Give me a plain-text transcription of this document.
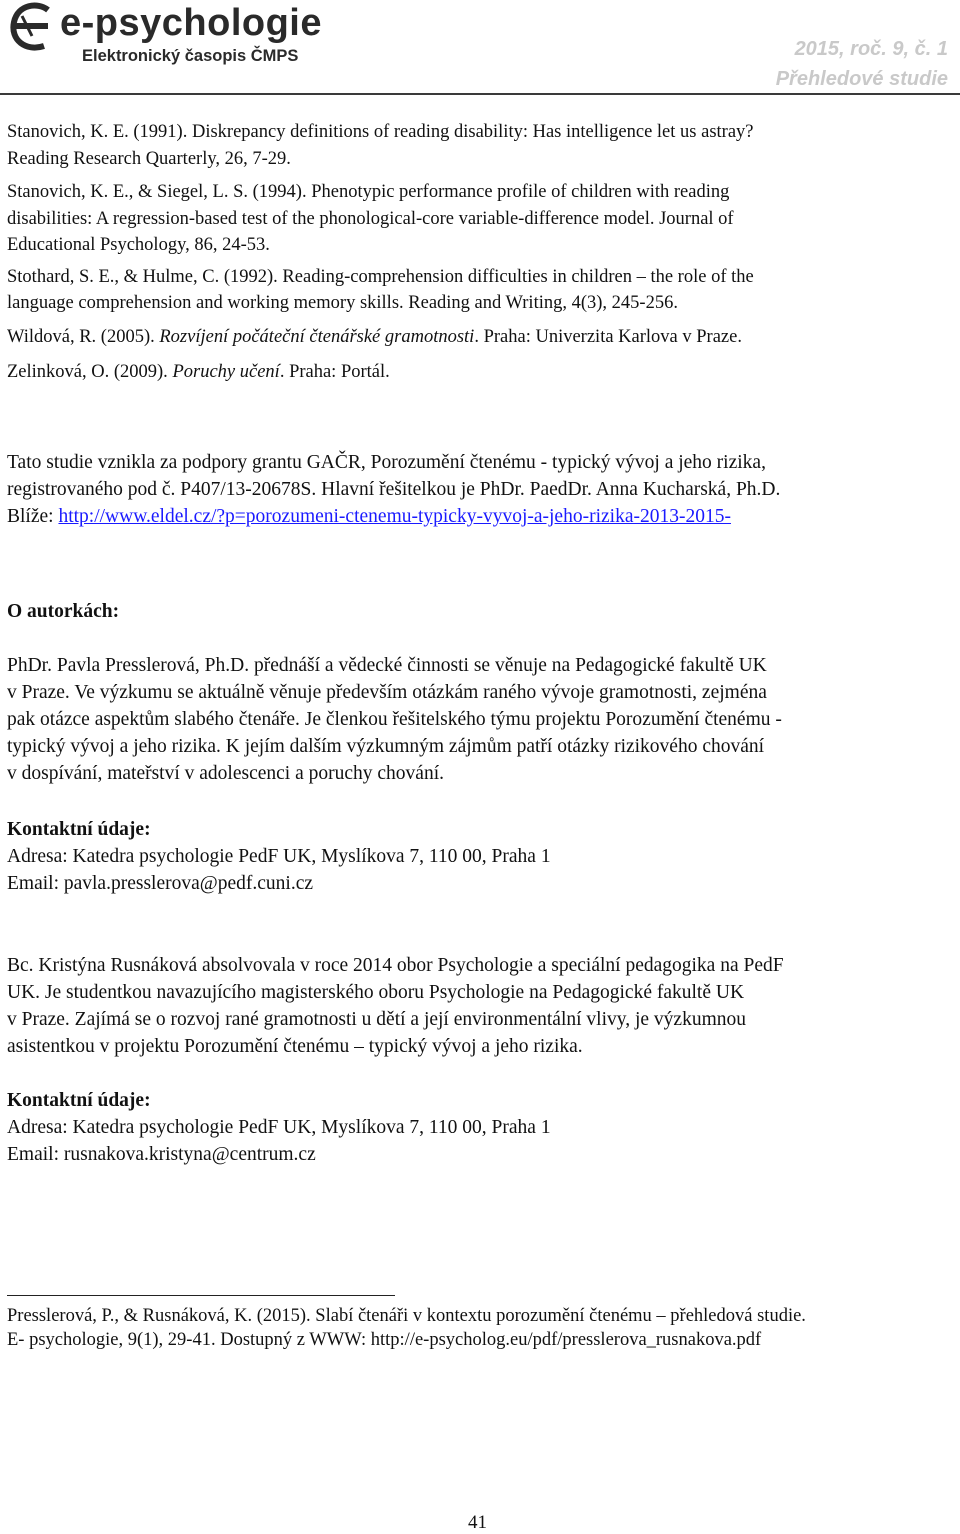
e-psychologie
Elektronický časopis ČMPS	2015, roč. 9, č. 1
Přehledové studie
Stanovich, K. E. (1991). Diskrepancy definitions of reading disability: Has intelligence let us astray?
Reading Research Quarterly, 26, 7-29.
Stanovich, K. E., & Siegel, L. S. (1994). Phenotypic performance profile of children with reading
disabilities: A regression-based test of the phonological-core variable-difference model. Journal of
Educational Psychology, 86, 24-53.
Stothard, S. E., & Hulme, C. (1992). Reading-comprehension difficulties in children – the role of the
language comprehension and working memory skills. Reading and Writing, 4(3), 245-256.
Wildová, R. (2005). Rozvíjení počáteční čtenářské gramotnosti. Praha: Univerzita Karlova v Praze.
Zelinková, O. (2009). Poruchy učení. Praha: Portál.
Tato studie vznikla za podpory grantu GAČR, Porozumění čtenému - typický vývoj a jeho rizika,
registrovaného pod č. P407/13-20678S. Hlavní řešitelkou je PhDr. PaedDr. Anna Kucharská, Ph.D.
Blíže: http://www.eldel.cz/?p=porozumeni-ctenemu-typicky-vyvoj-a-jeho-rizika-2013-2015-
O autorkách:
PhDr. Pavla Presslerová, Ph.D. přednáší a vědecké činnosti se věnuje na Pedagogické fakultě UK
v Praze. Ve výzkumu se aktuálně věnuje především otázkám raného vývoje gramotnosti, zejména
pak otázce aspektům slabého čtenáře. Je členkou řešitelského týmu projektu Porozumění čtenému -
typický vývoj a jeho rizika. K jejím dalším výzkumným zájmům patří otázky rizikového chování
v dospívání, mateřství v adolescenci a poruchy chování.
Kontaktní údaje:
Adresa: Katedra psychologie PedF UK, Myslíkova 7, 110 00, Praha 1
Email: pavla.presslerova@pedf.cuni.cz
Bc. Kristýna Rusnáková absolvovala v roce 2014 obor Psychologie a speciální pedagogika na PedF
UK. Je studentkou navazujícího magisterského oboru Psychologie na Pedagogické fakultě UK
v Praze. Zajímá se o rozvoj rané gramotnosti u dětí a její environmentální vlivy, je výzkumnou
asistentkou v projektu Porozumění čtenému – typický vývoj a jeho rizika.
Kontaktní údaje:
Adresa: Katedra psychologie PedF UK, Myslíkova 7, 110 00, Praha 1
Email: rusnakova.kristyna@centrum.cz
Presslerová, P., & Rusnáková, K. (2015). Slabí čtenáři v kontextu porozumění čtenému – přehledová studie.
E- psychologie, 9(1), 29-41. Dostupný z WWW: http://e-psycholog.eu/pdf/presslerova_rusnakova.pdf
41
